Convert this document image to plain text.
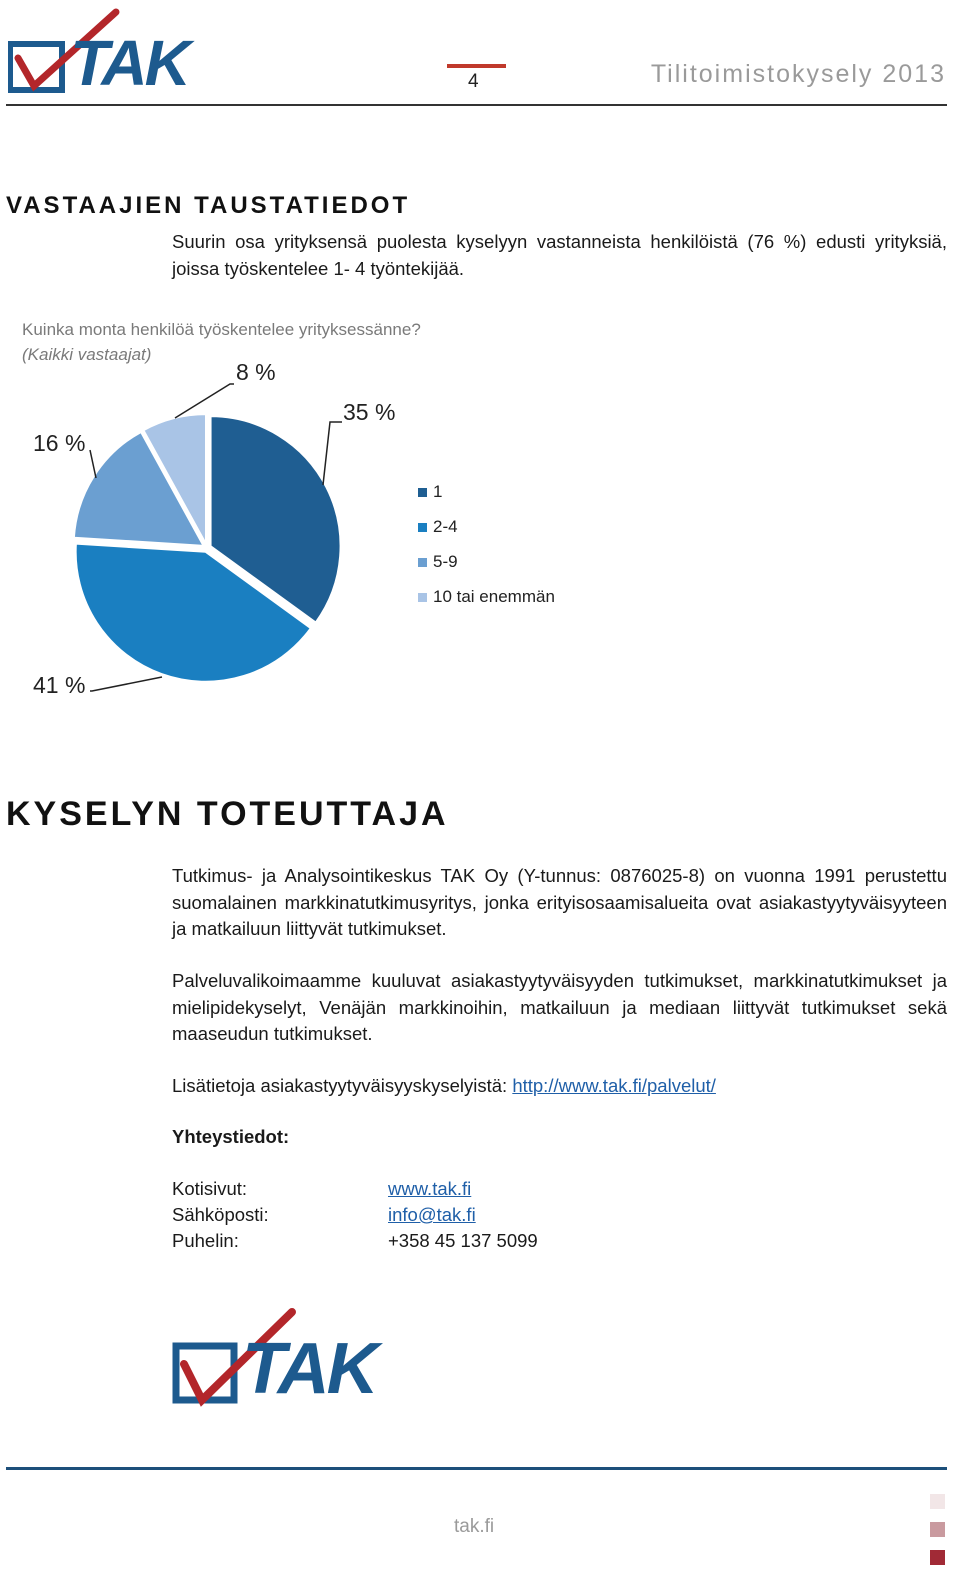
TAK	4	Tilitoimistokysely 2013
VASTAAJIEN TAUSTATIEDOT
Suurin osa yrityksensä puolesta kyselyyn vastanneista henkilöistä (76 %) edusti yrityksiä, joissa työskentelee 1- 4 työntekijää.
Kuinka monta henkilöä työskentelee yrityksessänne?
(Kaikki vastaajat)
35 %
41 %
16 %
8 %
1
2-4
5-9
10 tai enemmän
KYSELYN TOTEUTTAJA
Tutkimus- ja Analysointikeskus TAK Oy (Y-tunnus: 0876025-8) on vuonna 1991 perustettu suomalainen markkinatutkimusyritys, jonka erityisosaamisalueita ovat asiakastyytyväisyyteen ja matkailuun liittyvät tutkimukset.
Palveluvalikoimaamme kuuluvat asiakastyytyväisyyden tutkimukset, markkinatutkimukset ja mielipidekyselyt, Venäjän markkinoihin, matkailuun ja mediaan liittyvät tutkimukset sekä maaseudun tutkimukset.
Lisätietoja asiakastyytyväisyyskyselyistä: http://www.tak.fi/palvelut/
Yhteystiedot:
Kotisivut:	www.tak.fi
Sähköposti:	info@tak.fi
Puhelin:	+358 45 137 5099
TAK
tak.fi
